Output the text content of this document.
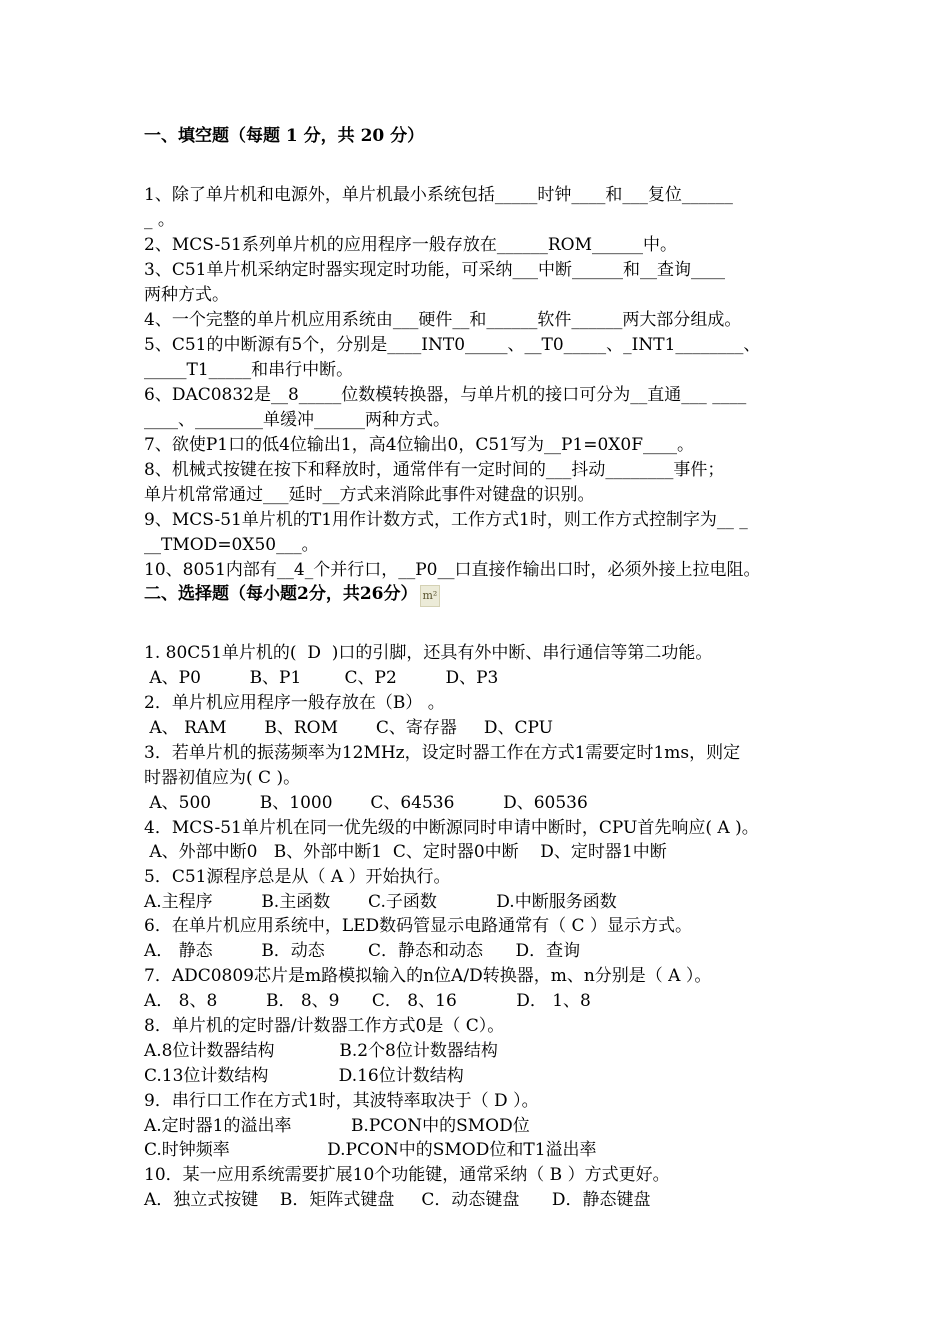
一、填空题（每题 1 分，共 20 分）
1、除了单片机和电源外，单片机最小系统包括_____时钟____和___复位______
_ 。
2、MCS-51系列单片机的应用程序一般存放在______ROM______中。
3、C51单片机采纳定时器实现定时功能，可采纳___中断______和__查询____
两种方式。
4、一个完整的单片机应用系统由___硬件__和______软件______两大部分组成。
5、C51的中断源有5个，分别是____INT0_____、__T0_____、_INT1________、
_____T1_____和串行中断。
6、DAC0832是__8_____位数模转换器，与单片机的接口可分为__直通___ ____
____、________单缓冲______两种方式。
7、欲使P1口的低4位输出1，高4位输出0，C51写为__P1=0X0F____。
8、机械式按键在按下和释放时，通常伴有一定时间的___抖动________事件；
单片机常常通过___延时__方式来消除此事件对键盘的识别。
9、MCS-51单片机的T1用作计数方式，工作方式1时，则工作方式控制字为__ _
__TMOD=0X50___。
10、8051内部有__4_个并行口，__P0__口直接作输出口时，必须外接上拉电阻。
二、选择题（每小题2分，共26分） m²
1. 80C51单片机的(  D  )口的引脚，还具有外中断、串行通信等第二功能。
A、P0         B、P1        C、P2         D、P3
2．单片机应用程序一般存放在（B） 。
A、 RAM       B、ROM       C、寄存器     D、CPU
3．若单片机的振荡频率为12MHz，设定时器工作在方式1需要定时1ms，则定
时器初值应为( C )。
A、500         B、1000       C、64536         D、60536
4．MCS-51单片机在同一优先级的中断源同时申请中断时，CPU首先响应( A )。
A、外部中断0   B、外部中断1  C、定时器0中断    D、定时器1中断
5．C51源程序总是从（ A ）开始执行。
A.主程序         B.主函数       C.子函数           D.中断服务函数
6．在单片机应用系统中，LED数码管显示电路通常有（ C ）显示方式。
A． 静态         B．动态        C．静态和动态      D．查询
7．ADC0809芯片是m路模拟输入的n位A/D转换器，m、n分别是（ A ）。
A． 8、8         B． 8、9      C． 8、16           D． 1、8
8．单片机的定时器/计数器工作方式0是（ C）。
A.8位计数器结构            B.2个8位计数器结构
C.13位计数结构             D.16位计数结构
9．串行口工作在方式1时，其波特率取决于（ D ）。
A.定时器1的溢出率           B.PCON中的SMOD位
C.时钟频率                  D.PCON中的SMOD位和T1溢出率
10．某一应用系统需要扩展10个功能键，通常采纳（ B ）方式更好。
A．独立式按键    B．矩阵式键盘     C．动态键盘      D．静态键盘
